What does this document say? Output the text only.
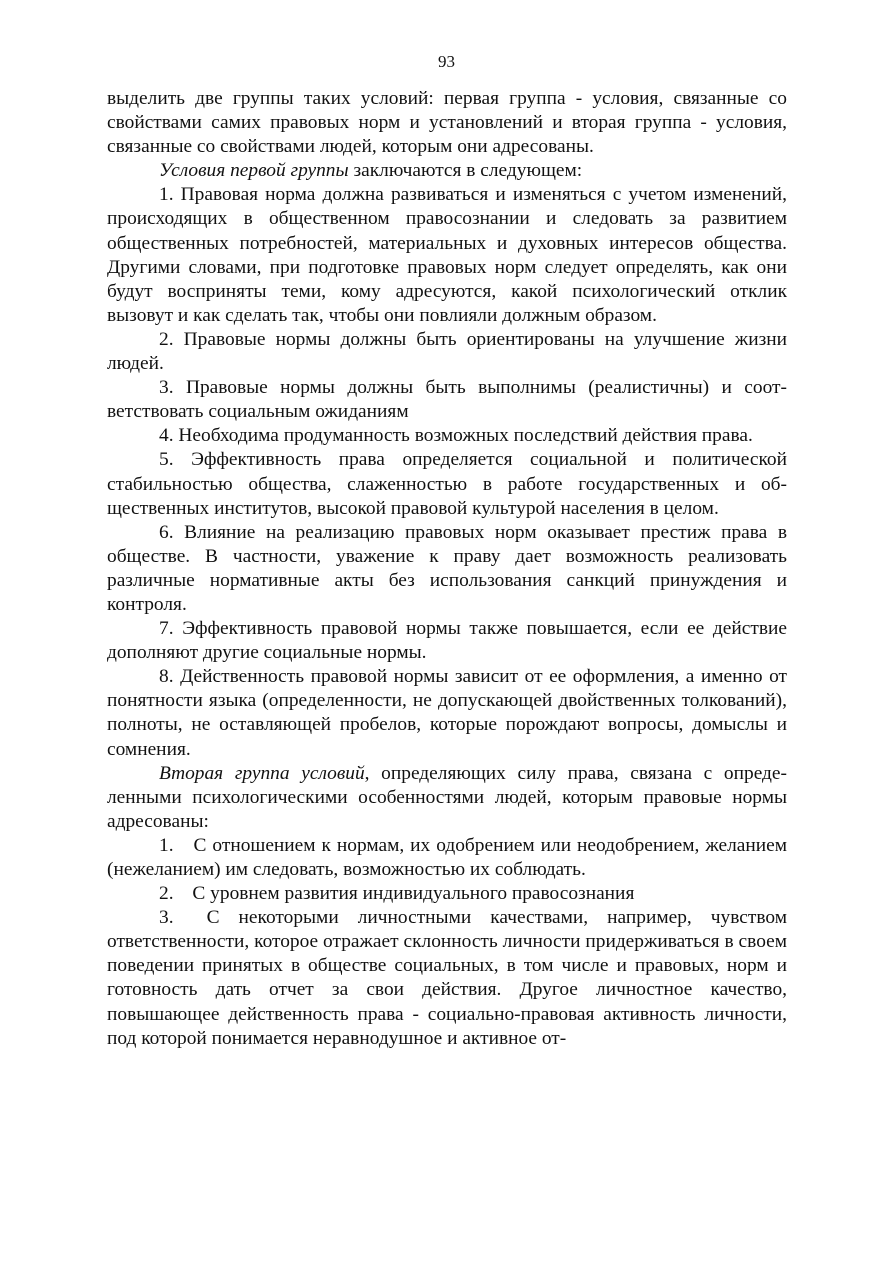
93

выделить две группы таких условий: первая группа - условия, связанные со свойствами самих правовых норм и установлений и вторая группа - условия, связанные со свойствами людей, которым они адресованы.

Условия первой группы заключаются в следующем:

1. Правовая норма должна развиваться и изменяться с учетом изменений, происходящих в общественном правосознании и следовать за развитием общественных потребностей, материальных и духовных интересов общества. Другими словами, при подготовке правовых норм следует определять, как они будут восприняты теми, кому адресуются, какой психологический отклик вызовут и как сделать так, чтобы они повлияли должным образом.

2. Правовые нормы должны быть ориентированы на улучшение жизни людей.

3. Правовые нормы должны быть выполнимы (реалистичны) и соответствовать социальным ожиданиям

4. Необходима продуманность возможных последствий действия права.

5. Эффективность права определяется социальной и политической стабильностью общества, слаженностью в работе государственных и общественных институтов, высокой правовой культурой населения в целом.

6. Влияние на реализацию правовых норм оказывает престиж права в обществе. В частности, уважение к праву дает возможность реализовать различные нормативные акты без использования санкций принуждения и контроля.

7. Эффективность правовой нормы также повышается, если ее действие дополняют другие социальные нормы.

8. Действенность правовой нормы зависит от ее оформления, а именно от понятности языка (определенности, не допускающей двойственных толкований), полноты, не оставляющей пробелов, которые порождают вопросы, домыслы и сомнения.

Вторая группа условий, определяющих силу права, связана с определенными психологическими особенностями людей, которым правовые нормы адресованы:

1. С отношением к нормам, их одобрением или неодобрением, желанием (нежеланием) им следовать, возможностью их соблюдать.

2. С уровнем развития индивидуального правосознания

3. С некоторыми личностными качествами, например, чувством ответственности, которое отражает склонность личности придерживаться в своем поведении принятых в обществе социальных, в том числе и правовых, норм и готовность дать отчет за свои действия. Другое личностное качество, повышающее действенность права - социально-правовая активность личности, под которой понимается неравнодушное и активное от-
